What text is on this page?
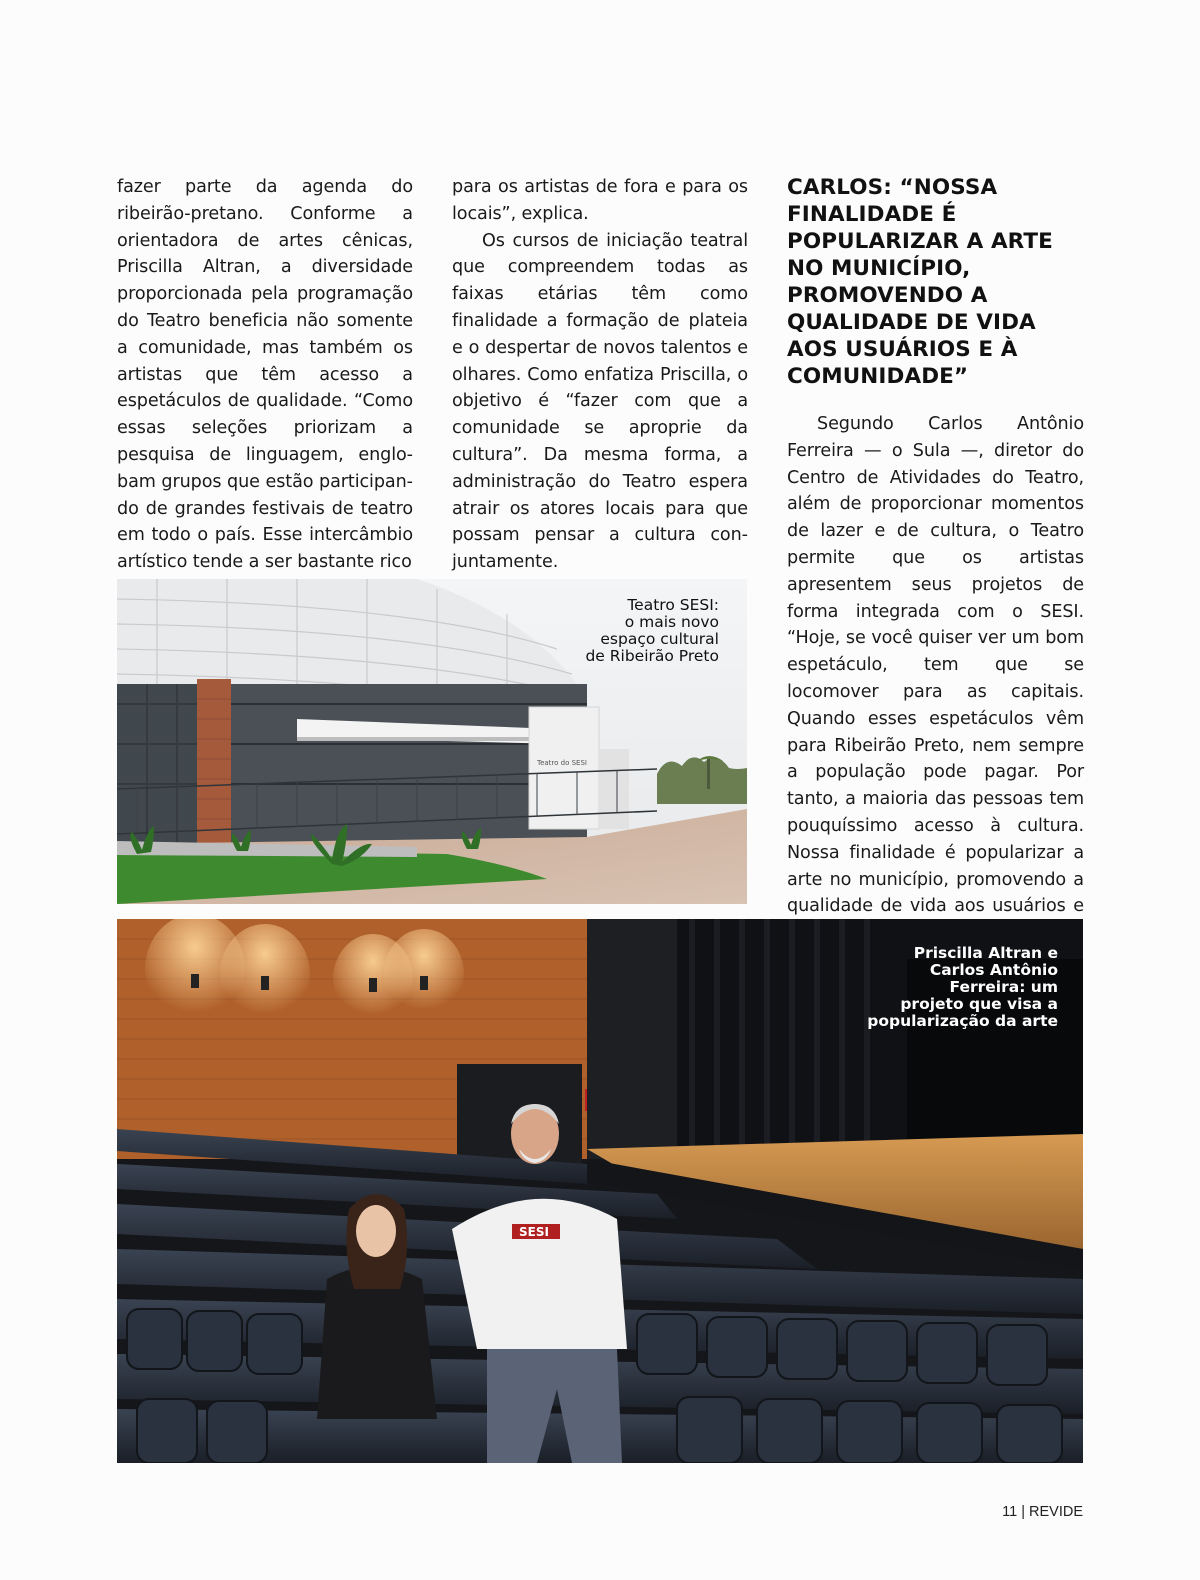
fazer parte da agenda do ribeirão-pretano. Conforme a orientadora de artes cênicas, Priscilla Altran, a diversidade proporcionada pela programação do Teatro beneficia não somente a comunidade, mas também os artistas que têm acesso a espetáculos de qualidade. “Como essas seleções priorizam a pesquisa de linguagem, englobam grupos que estão participando de grandes festivais de teatro em todo o país. Esse intercâmbio artístico tende a ser bastante rico

para os artistas de fora e para os locais”, explica.

Os cursos de iniciação teatral que compreendem todas as faixas etárias têm como finalidade a formação de plateia e o despertar de novos talentos e olhares. Como enfatiza Priscilla, o objetivo é “fazer com que a comunidade se aproprie da cultura”. Da mesma forma, a administração do Teatro espera atrair os atores locais para que possam pensar a cultura conjuntamente.

CARLOS: “NOSSA FINALIDADE É POPULARIZAR A ARTE NO MUNICÍPIO, PROMOVENDO A QUALIDADE DE VIDA AOS USUÁRIOS E À COMUNIDADE”

Segundo Carlos Antônio Ferreira — o Sula —, diretor do Centro de Atividades do Teatro, além de proporcionar momentos de lazer e de cultura, o Teatro permite que os artistas apresentem seus projetos de forma integrada com o SESI. “Hoje, se você quiser ver um bom espetáculo, tem que se locomover para as capitais. Quando esses espetáculos vêm para Ribeirão Preto, nem sempre a população pode pagar. Por tanto, a maioria das pessoas tem pouquíssimo acesso à cultura. Nossa finalidade é popularizar a arte no município, promovendo a qualidade de vida aos usuários e

Teatro do SESI
Teatro SESI:
o mais novo
espaço cultural
de Ribeirão Preto
SESI
Priscilla Altran e
Carlos Antônio
Ferreira: um
projeto que visa a
popularização da arte
11 | REVIDE
